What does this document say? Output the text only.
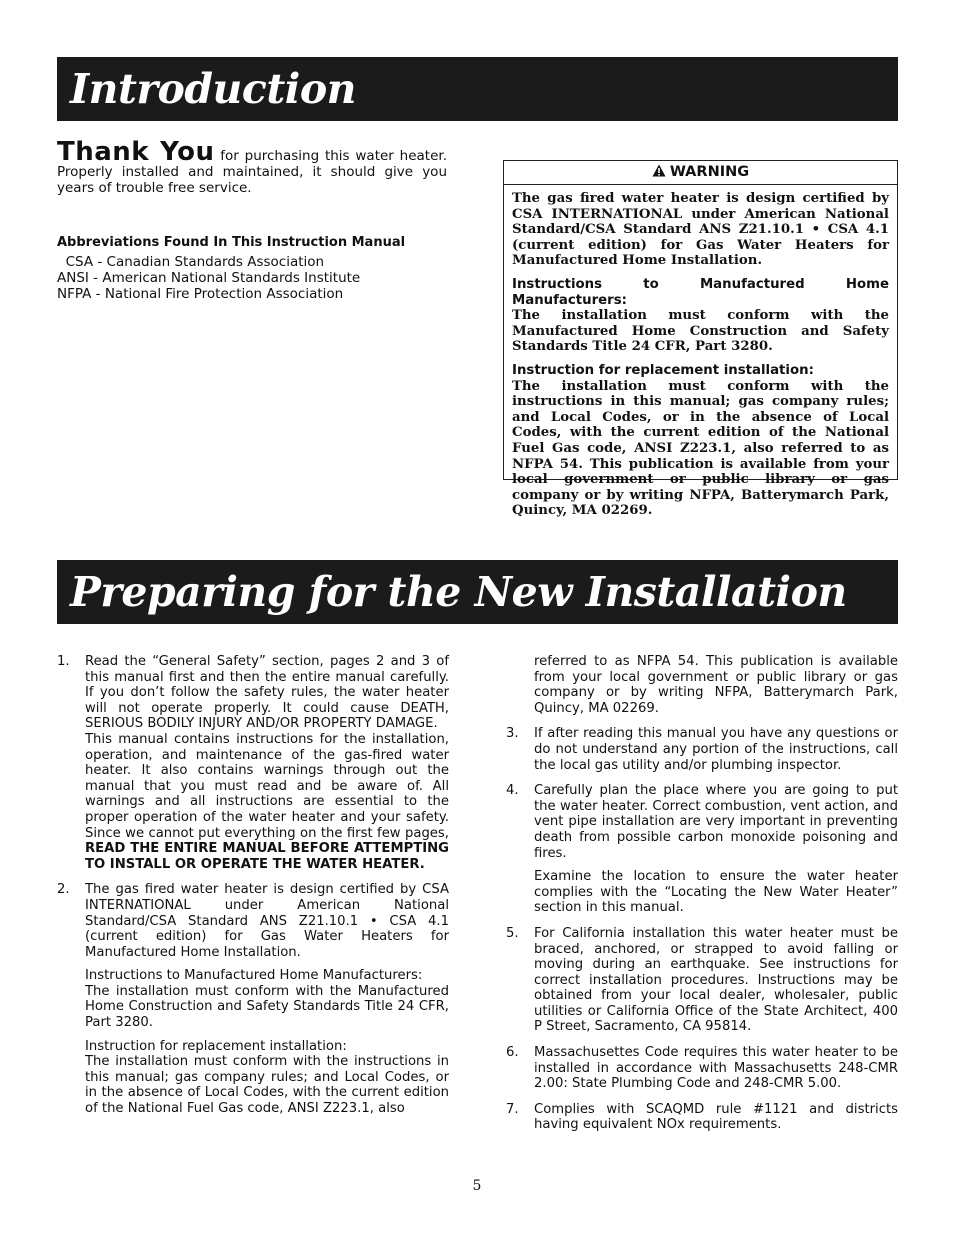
Introduction
Thank You for purchasing this water heater. Properly installed and maintained, it should give you years of trouble free service.
Abbreviations Found In This Instruction Manual
CSA - Canadian Standards Association
ANSI - American National Standards Institute
NFPA - National Fire Protection Association
WARNING

The gas fired water heater is design certified by CSA INTERNATIONAL under American National Standard/CSA Standard ANS Z21.10.1 • CSA 4.1 (current edition) for Gas Water Heaters for Manufactured Home Installation.

Instructions to Manufactured Home Manufacturers:
The installation must conform with the Manufactured Home Construction and Safety Standards Title 24 CFR, Part 3280.

Instruction for replacement installation:
The installation must conform with the instructions in this manual; gas company rules; and Local Codes, or in the absence of Local Codes, with the current edition of the National Fuel Gas code, ANSI Z223.1, also referred to as NFPA 54. This publication is available from your local government or public library or gas company or by writing NFPA, Batterymarch Park, Quincy, MA 02269.

Preparing for the New Installation
1. Read the “General Safety” section, pages 2 and 3 of this manual first and then the entire manual carefully. If you don’t follow the safety rules, the water heater will not operate properly. It could cause DEATH, SERIOUS BODILY INJURY AND/OR PROPERTY DAMAGE.
This manual contains instructions for the installation, operation, and maintenance of the gas-fired water heater. It also contains warnings through out the manual that you must read and be aware of. All warnings and all instructions are essential to the proper operation of the water heater and your safety. Since we cannot put everything on the first few pages, READ THE ENTIRE MANUAL BEFORE ATTEMPTING TO INSTALL OR OPERATE THE WATER HEATER.
2. The gas fired water heater is design certified by CSA INTERNATIONAL under American National Standard/CSA Standard ANS Z21.10.1 • CSA 4.1 (current edition) for Gas Water Heaters for Manufactured Home Installation.

Instructions to Manufactured Home Manufacturers:
The installation must conform with the Manufactured Home Construction and Safety Standards Title 24 CFR, Part 3280.

Instruction for replacement installation:
The installation must conform with the instructions in this manual; gas company rules; and Local Codes, or in the absence of Local Codes, with the current edition of the National Fuel Gas code, ANSI Z223.1, also

referred to as NFPA 54. This publication is available from your local government or public library or gas company or by writing NFPA, Batterymarch Park, Quincy, MA 02269.
3. If after reading this manual you have any questions or do not understand any portion of the instructions, call the local gas utility and/or plumbing inspector.
4. Carefully plan the place where you are going to put the water heater. Correct combustion, vent action, and vent pipe installation are very important in preventing death from possible carbon monoxide poisoning and fires.

Examine the location to ensure the water heater complies with the “Locating the New Water Heater” section in this manual.

5. For California installation this water heater must be braced, anchored, or strapped to avoid falling or moving during an earthquake. See instructions for correct installation procedures. Instructions may be obtained from your local dealer, wholesaler, public utilities or California Office of the State Architect, 400 P Street, Sacramento, CA 95814.
6. Massachusettes Code requires this water heater to be installed in accordance with Massachusetts 248-CMR 2.00: State Plumbing Code and 248-CMR 5.00.
7. Complies with SCAQMD rule #1121 and districts having equivalent NOx requirements.
5
